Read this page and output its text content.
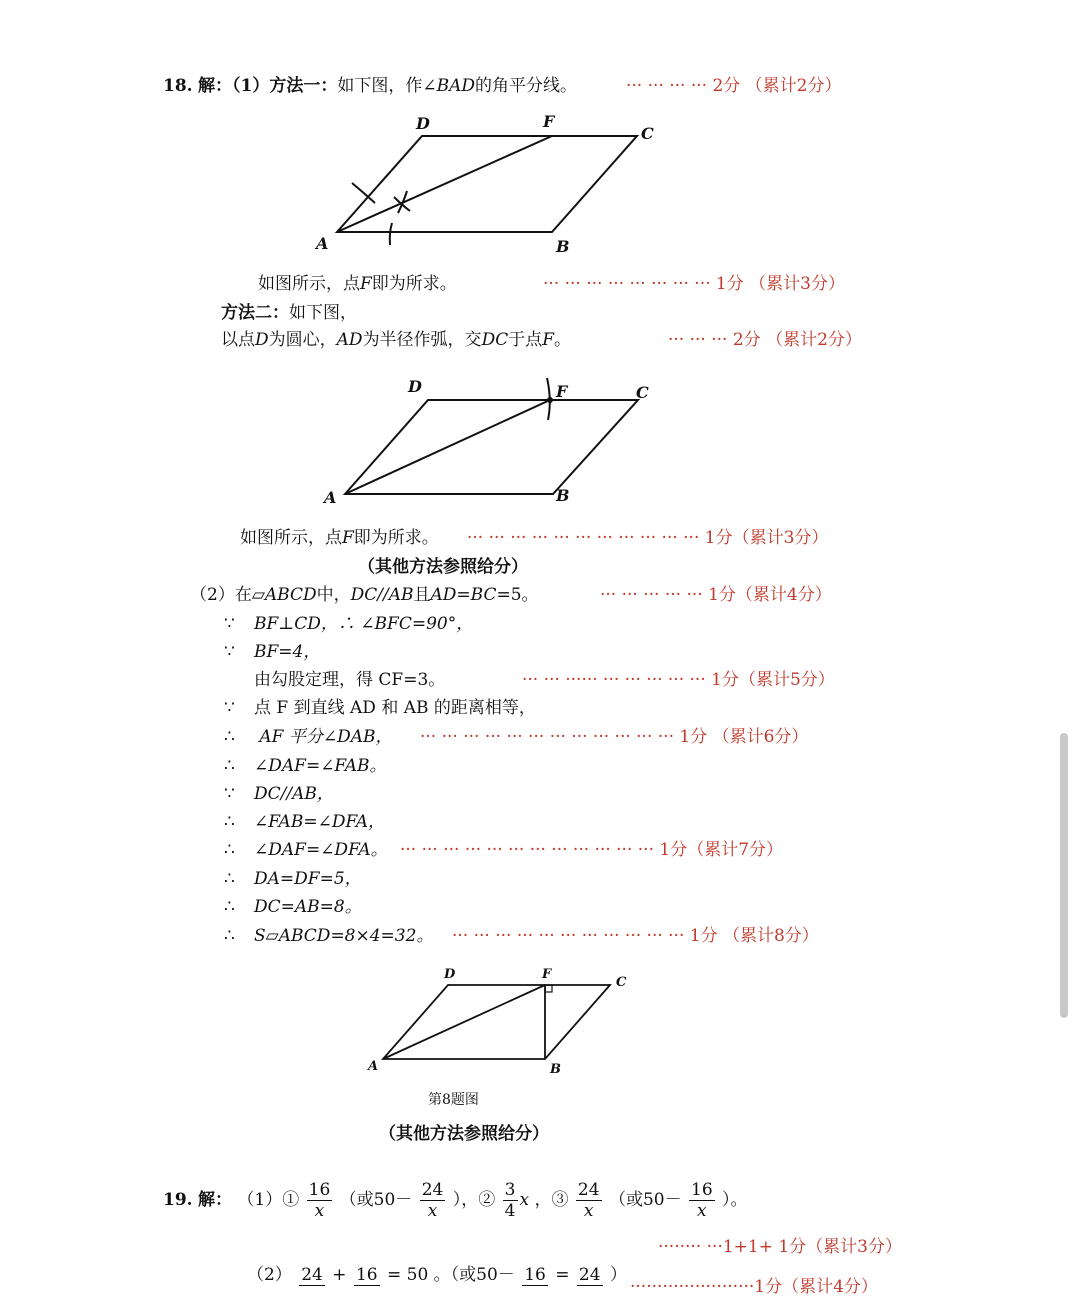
18. 解：（1）方法一：如下图，作∠BAD的角平分线。	··· ··· ··· ··· 2分 （累计2分）
D	F
C
A	B
如图所示，点F即为所求。	··· ··· ··· ··· ··· ··· ··· ··· 1分 （累计3分）
方法二：如下图，
以点D为圆心，AD为半径作弧，交DC于点F。	··· ··· ··· 2分 （累计2分）
D	F	C
A	B
如图所示，点F即为所求。 ··· ··· ··· ··· ··· ··· ··· ··· ··· ··· ··· 1分（累计3分）
（其他方法参照给分）
（2）在▱ABCD中，DC//AB且AD=BC=5。	··· ··· ··· ··· ··· 1分（累计4分）
∵ BF⊥CD，∴ ∠BFC=90°，
∵ BF=4，
由勾股定理，得 CF=3。	··· ··· ······ ··· ··· ··· ··· ··· 1分（累计5分）
∵ 点 F 到直线 AD 和 AB 的距离相等，
∴ AF 平分∠DAB， ··· ··· ··· ··· ··· ··· ··· ··· ··· ··· ··· ··· 1分 （累计6分）
∴ ∠DAF=∠FAB。
∵ DC//AB，
∴ ∠FAB=∠DFA，
∴ ∠DAF=∠DFA。 ··· ··· ··· ··· ··· ··· ··· ··· ··· ··· ··· ··· 1分（累计7分）
∴ DA=DF=5，
∴ DC=AB=8。
∴ S▱ABCD=8×4=32。 ··· ··· ··· ··· ··· ··· ··· ··· ··· ··· ··· 1分 （累计8分）
D	F
C
A	B
第8题图
（其他方法参照给分）
19. 解： （1）① $\frac{16}{x}$ （或$50- \frac{24}{x}$ ），② $\frac{3}{4}$ x ，③ $\frac{24}{x}$ （或$50- \frac{16}{x}$ ）。
········ ···1+1+ 1分（累计3分）
（2） 24 + 16 = 50 。（或50－ 16 = 24 ）
·······················1分（累计4分）
